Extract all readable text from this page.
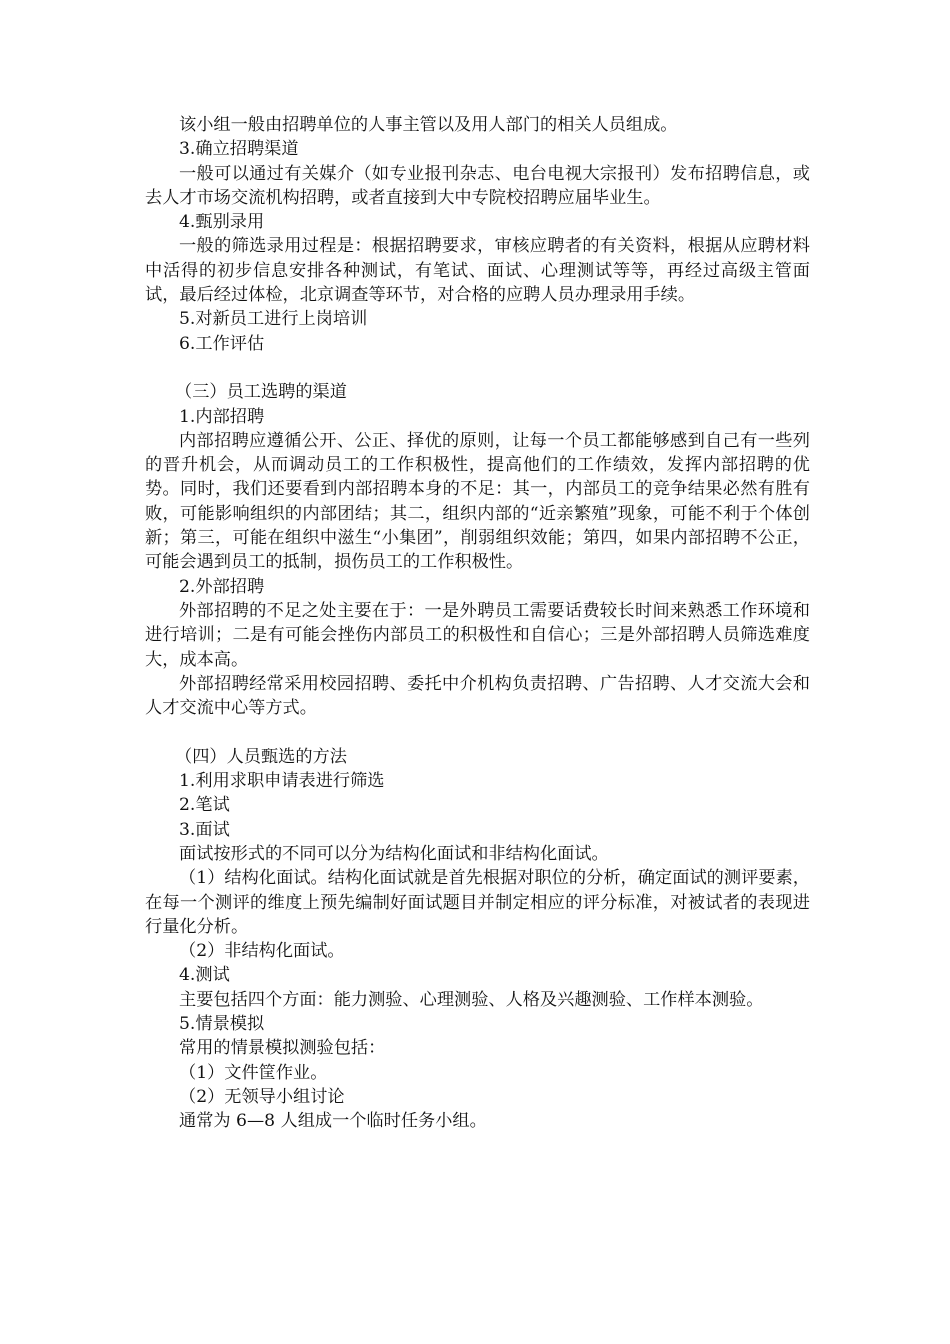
该小组一般由招聘单位的人事主管以及用人部门的相关人员组成。
3.确立招聘渠道
一般可以通过有关媒介（如专业报刊杂志、电台电视大宗报刊）发布招聘信息，或去人才市场交流机构招聘，或者直接到大中专院校招聘应届毕业生。
4.甄别录用
一般的筛选录用过程是：根据招聘要求，审核应聘者的有关资料，根据从应聘材料中活得的初步信息安排各种测试，有笔试、面试、心理测试等等，再经过高级主管面试，最后经过体检，北京调查等环节，对合格的应聘人员办理录用手续。
5.对新员工进行上岗培训
6.工作评估
（三）员工选聘的渠道
1.内部招聘
内部招聘应遵循公开、公正、择优的原则，让每一个员工都能够感到自己有一些列的晋升机会，从而调动员工的工作积极性，提高他们的工作绩效，发挥内部招聘的优势。同时，我们还要看到内部招聘本身的不足：其一，内部员工的竞争结果必然有胜有败，可能影响组织的内部团结；其二，组织内部的“近亲繁殖”现象，可能不利于个体创新；第三，可能在组织中滋生“小集团”，削弱组织效能；第四，如果内部招聘不公正，可能会遇到员工的抵制，损伤员工的工作积极性。
2.外部招聘
外部招聘的不足之处主要在于：一是外聘员工需要话费较长时间来熟悉工作环境和进行培训；二是有可能会挫伤内部员工的积极性和自信心；三是外部招聘人员筛选难度大，成本高。
外部招聘经常采用校园招聘、委托中介机构负责招聘、广告招聘、人才交流大会和人才交流中心等方式。
（四）人员甄选的方法
1.利用求职申请表进行筛选
2.笔试
3.面试
面试按形式的不同可以分为结构化面试和非结构化面试。
（1）结构化面试。结构化面试就是首先根据对职位的分析，确定面试的测评要素，在每一个测评的维度上预先编制好面试题目并制定相应的评分标准，对被试者的表现进行量化分析。
（2）非结构化面试。
4.测试
主要包括四个方面：能力测验、心理测验、人格及兴趣测验、工作样本测验。
5.情景模拟
常用的情景模拟测验包括：
（1）文件筐作业。
（2）无领导小组讨论
通常为 6—8 人组成一个临时任务小组。
